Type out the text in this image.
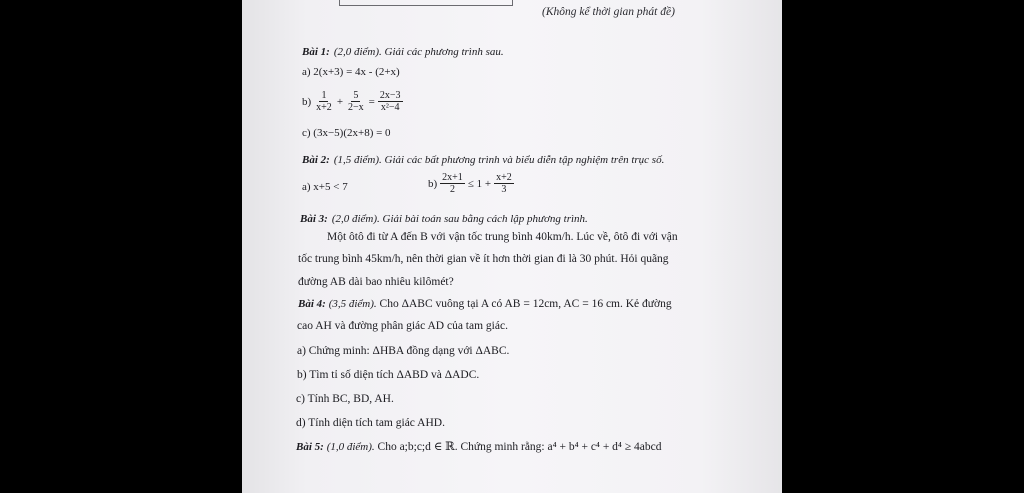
(Không kể thời gian phát đề)
Bài 1: (2,0 điểm). Giải các phương trình sau.
a) 2(x+3) = 4x - (2+x)
$b) \frac{1}{x+2} + \frac{5}{2-x} = \frac{2x-3}{\text{x²−4}}$
c) (3x−5)(2x+8) = 0
Bài 2: (1,5 điểm). Giải các bất phương trình và biểu diễn tập nghiệm trên trục số.
a) x+5 < 7	$b) \frac{2x+1}{2} \le 1 + \frac{x+2}{3}$
Bài 3: (2,0 điểm). Giải bài toán sau bằng cách lập phương trình.
Một ôtô đi từ A đến B với vận tốc trung bình 40km/h. Lúc về, ôtô đi với vận
tốc trung bình 45km/h, nên thời gian về ít hơn thời gian đi là 30 phút. Hỏi quãng
đường AB dài bao nhiêu kilômét?
Bài 4: (3,5 điểm). Cho ΔABC vuông tại A có AB = 12cm, AC = 16 cm. Kẻ đường
cao AH và đường phân giác AD của tam giác.
a) Chứng minh: ΔHBA đồng dạng với ΔABC.
b) Tìm tỉ số diện tích ΔABD và ΔADC.
c) Tính BC, BD, AH.
d) Tính diện tích tam giác AHD.
Bài 5: (1,0 điểm). Cho a;b;c;d ∈ ℝ. Chứng minh rằng: a⁴ + b⁴ + c⁴ + d⁴ ≥ 4abcd
